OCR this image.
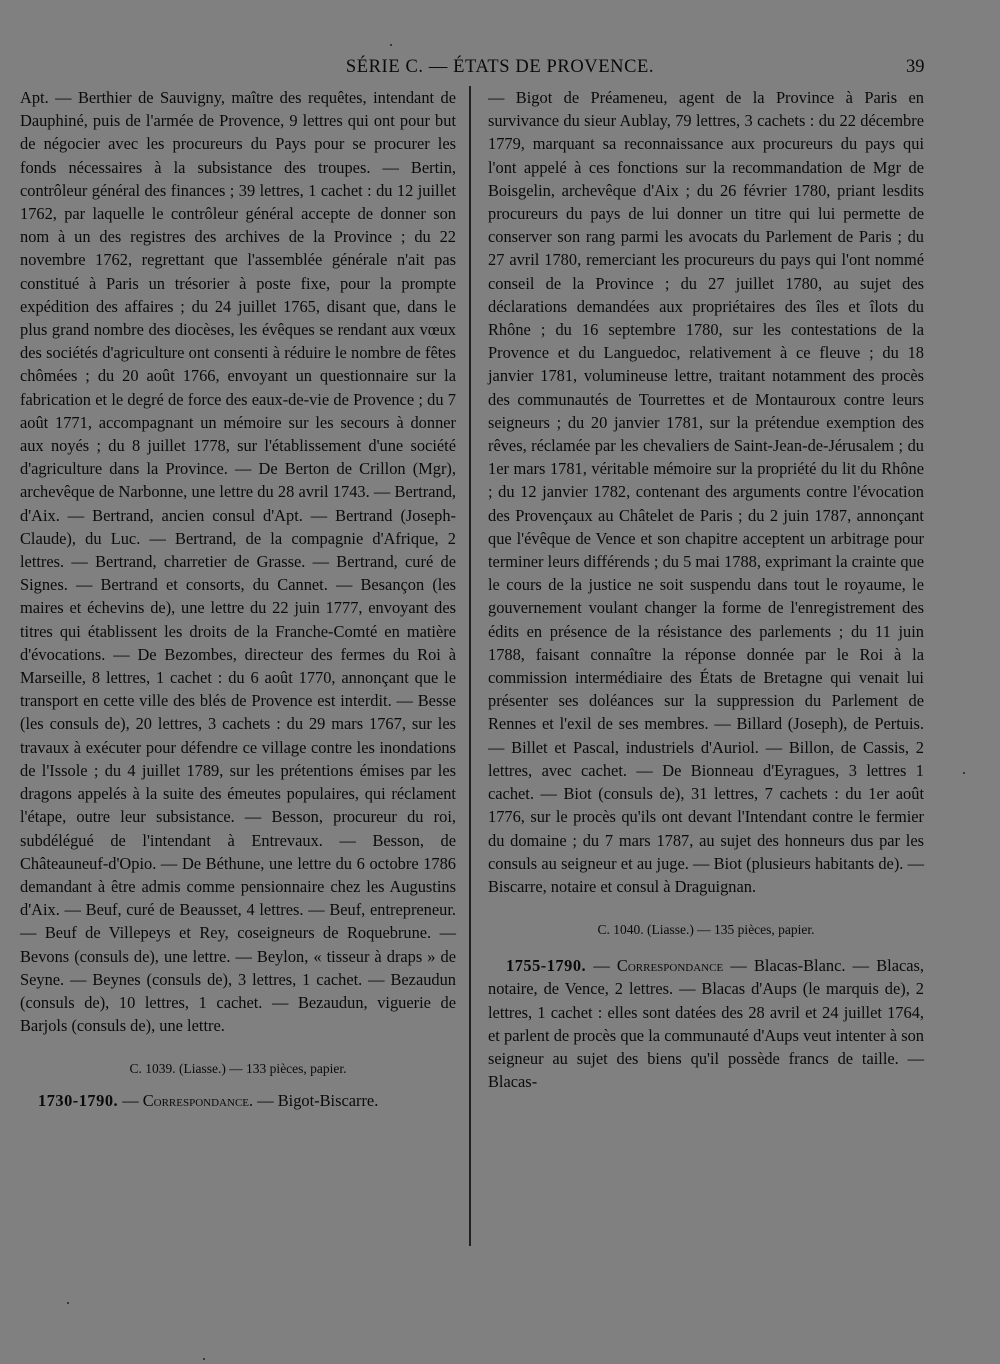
SÉRIE C. — ÉTATS DE PROVENCE.	39

Apt. — Berthier de Sauvigny, maître des requêtes, intendant de Dauphiné, puis de l'armée de Provence, 9 lettres qui ont pour but de négocier avec les procureurs du Pays pour se procurer les fonds nécessaires à la subsistance des troupes. — Bertin, contrôleur général des finances ; 39 lettres, 1 cachet : du 12 juillet 1762, par laquelle le contrôleur général accepte de donner son nom à un des registres des archives de la Province ; du 22 novembre 1762, regrettant que l'assemblée générale n'ait pas constitué à Paris un trésorier à poste fixe, pour la prompte expédition des affaires ; du 24 juillet 1765, disant que, dans le plus grand nombre des diocèses, les évêques se rendant aux vœux des sociétés d'agriculture ont consenti à réduire le nombre de fêtes chômées ; du 20 août 1766, envoyant un questionnaire sur la fabrication et le degré de force des eaux-de-vie de Provence ; du 7 août 1771, accompagnant un mémoire sur les secours à donner aux noyés ; du 8 juillet 1778, sur l'établissement d'une société d'agriculture dans la Province. — De Berton de Crillon (Mgr), archevêque de Narbonne, une lettre du 28 avril 1743. — Bertrand, d'Aix. — Bertrand, ancien consul d'Apt. — Bertrand (Joseph-Claude), du Luc. — Bertrand, de la compagnie d'Afrique, 2 lettres. — Bertrand, charretier de Grasse. — Bertrand, curé de Signes. — Bertrand et consorts, du Cannet. — Besançon (les maires et échevins de), une lettre du 22 juin 1777, envoyant des titres qui établissent les droits de la Franche-Comté en matière d'évocations. — De Bezombes, directeur des fermes du Roi à Marseille, 8 lettres, 1 cachet : du 6 août 1770, annonçant que le transport en cette ville des blés de Provence est interdit. — Besse (les consuls de), 20 lettres, 3 cachets : du 29 mars 1767, sur les travaux à exécuter pour défendre ce village contre les inondations de l'Issole ; du 4 juillet 1789, sur les prétentions émises par les dragons appelés à la suite des émeutes populaires, qui réclament l'étape, outre leur subsistance. — Besson, procureur du roi, subdélégué de l'intendant à Entrevaux. — Besson, de Châteauneuf-d'Opio. — De Béthune, une lettre du 6 octobre 1786 demandant à être admis comme pensionnaire chez les Augustins d'Aix. — Beuf, curé de Beausset, 4 lettres. — Beuf, entrepreneur. — Beuf de Villepeys et Rey, coseigneurs de Roquebrune. — Bevons (consuls de), une lettre. — Beylon, « tisseur à draps » de Seyne. — Beynes (consuls de), 3 lettres, 1 cachet. — Bezaudun (consuls de), 10 lettres, 1 cachet. — Bezaudun, viguerie de Barjols (consuls de), une lettre.

C. 1039. (Liasse.) — 133 pièces, papier.

1730-1790. — Correspondance. — Bigot-Biscarre.

— Bigot de Préameneu, agent de la Province à Paris en survivance du sieur Aublay, 79 lettres, 3 cachets : du 22 décembre 1779, marquant sa reconnaissance aux procureurs du pays qui l'ont appelé à ces fonctions sur la recommandation de Mgr de Boisgelin, archevêque d'Aix ; du 26 février 1780, priant lesdits procureurs du pays de lui donner un titre qui lui permette de conserver son rang parmi les avocats du Parlement de Paris ; du 27 avril 1780, remerciant les procureurs du pays qui l'ont nommé conseil de la Province ; du 27 juillet 1780, au sujet des déclarations demandées aux propriétaires des îles et îlots du Rhône ; du 16 septembre 1780, sur les contestations de la Provence et du Languedoc, relativement à ce fleuve ; du 18 janvier 1781, volumineuse lettre, traitant notamment des procès des communautés de Tourrettes et de Montauroux contre leurs seigneurs ; du 20 janvier 1781, sur la prétendue exemption des rêves, réclamée par les chevaliers de Saint-Jean-de-Jérusalem ; du 1er mars 1781, véritable mémoire sur la propriété du lit du Rhône ; du 12 janvier 1782, contenant des arguments contre l'évocation des Provençaux au Châtelet de Paris ; du 2 juin 1787, annonçant que l'évêque de Vence et son chapitre acceptent un arbitrage pour terminer leurs différends ; du 5 mai 1788, exprimant la crainte que le cours de la justice ne soit suspendu dans tout le royaume, le gouvernement voulant changer la forme de l'enregistrement des édits en présence de la résistance des parlements ; du 11 juin 1788, faisant connaître la réponse donnée par le Roi à la commission intermédiaire des États de Bretagne qui venait lui présenter ses doléances sur la suppression du Parlement de Rennes et l'exil de ses membres. — Billard (Joseph), de Pertuis. — Billet et Pascal, industriels d'Auriol. — Billon, de Cassis, 2 lettres, avec cachet. — De Bionneau d'Eyragues, 3 lettres 1 cachet. — Biot (consuls de), 31 lettres, 7 cachets : du 1er août 1776, sur le procès qu'ils ont devant l'Intendant contre le fermier du domaine ; du 7 mars 1787, au sujet des honneurs dus par les consuls au seigneur et au juge. — Biot (plusieurs habitants de). — Biscarre, notaire et consul à Draguignan.

C. 1040. (Liasse.) — 135 pièces, papier.

1755-1790. — Correspondance — Blacas-Blanc. — Blacas, notaire, de Vence, 2 lettres. — Blacas d'Aups (le marquis de), 2 lettres, 1 cachet : elles sont datées des 28 avril et 24 juillet 1764, et parlent de procès que la communauté d'Aups veut intenter à son seigneur au sujet des biens qu'il possède francs de taille. — Blacas-
